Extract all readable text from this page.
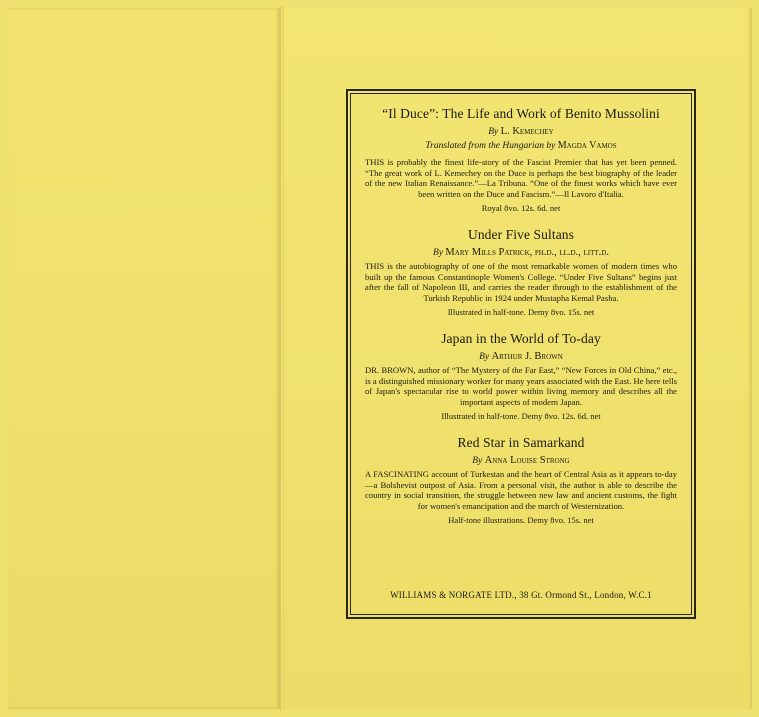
“Il Duce”: The Life and Work of Benito Mussolini

By L. Kemechey

Translated from the Hungarian by Magda Vamos

THIS is probably the finest life-story of the Fascist Premier that has yet been penned. “The great work of L. Kemechey on the Duce is perhaps the best biography of the leader of the new Italian Renaissance.”—La Tribuna. “One of the finest works which have ever been written on the Duce and Fascism.”—Il Lavoro d'Italia.

Royal 8vo. 12s. 6d. net

Under Five Sultans

By Mary Mills Patrick, ph.d., ll.d., litt.d.

THIS is the autobiography of one of the most remarkable women of modern times who built up the famous Constantinople Women's College. “Under Five Sultans” begins just after the fall of Napoleon III, and carries the reader through to the establishment of the Turkish Republic in 1924 under Mustapha Kemal Pasha.

Illustrated in half-tone. Demy 8vo. 15s. net

Japan in the World of To-day

By Arthur J. Brown

DR. BROWN, author of “The Mystery of the Far East,” “New Forces in Old China,” etc., is a distinguished missionary worker for many years associated with the East. He here tells of Japan's spectacular rise to world power within living memory and describes all the important aspects of modern Japan.

Illustrated in half-tone. Demy 8vo. 12s. 6d. net

Red Star in Samarkand

By Anna Louise Strong

A FASCINATING account of Turkestan and the heart of Central Asia as it appears to-day—a Bolshevist outpost of Asia. From a personal visit, the author is able to describe the country in social transition, the struggle between new law and ancient customs, the fight for women's emancipation and the march of Westernization.

Half-tone illustrations. Demy 8vo. 15s. net

WILLIAMS & NORGATE LTD., 38 Gt. Ormond St., London, W.C.1
